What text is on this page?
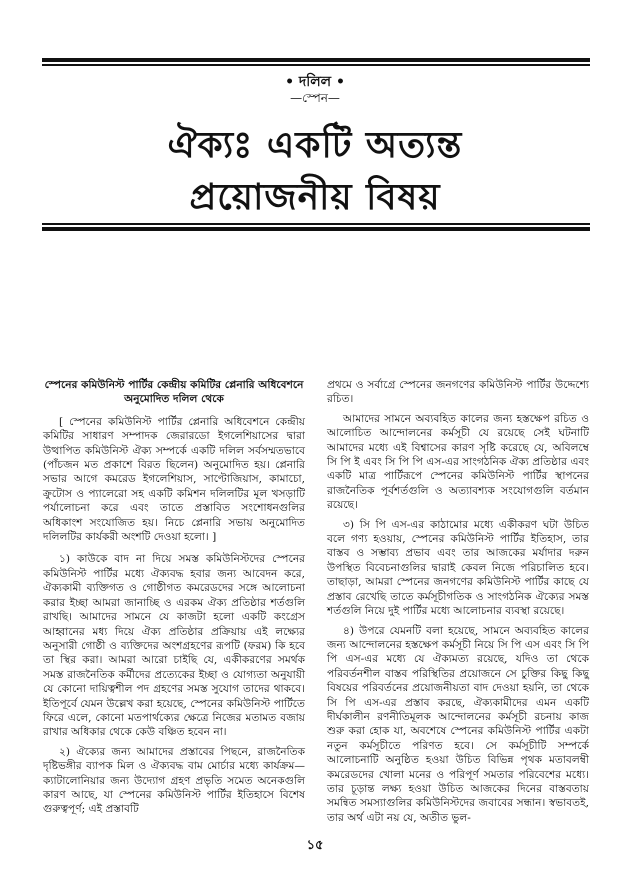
• দলিল •
—স্পেন—
ঐক্যঃ একটি অত্যন্ত
প্রয়োজনীয় বিষয়

স্পেনের কমিউনিস্ট পার্টির কেন্দ্রীয় কমিটির প্লেনারি অধিবেশনে অনুমোদিত দলিল থেকে

[ স্পেনের কমিউনিস্ট পার্টির প্লেনারি অধিবেশনে কেন্দ্রীয় কমিটির সাধারণ সম্পাদক জেরারডো ইগলেশিয়াসের দ্বারা উত্থাপিত কমিউনিস্ট ঐক্য সম্পর্কে একটি দলিল সর্বসম্মতভাবে (পাঁচজন মত প্রকাশে বিরত ছিলেন) অনুমোদিত হয়। প্লেনারি সভার আগে কমরেড ইগলেশিয়াস, সাণ্টোজিয়াস, কামাচো, ক্রুটোস ও প্যালেরো সহ একটি কমিশন দলিলটির মূল খসড়াটি পর্যালোচনা করে এবং তাতে প্রস্তাবিত সংশোধনগুলির অধিকাংশ সংযোজিত হয়। নিচে প্লেনারি সভায় অনুমোদিত দলিলটির কার্যকরী অংশটি দেওয়া হলো। ]

১) কাউকে বাদ না দিয়ে সমস্ত কমিউনিস্টদের স্পেনের কমিউনিস্ট পার্টির মধ্যে ঐক্যবদ্ধ হবার জন্য আবেদন করে, ঐক্যকামী ব্যক্তিগত ও গোষ্ঠীগত কমরেডদের সঙ্গে আলোচনা করার ইচ্ছা আমরা জানাচ্ছি ও এরকম ঐক্য প্রতিষ্ঠার শর্তগুলি রাখছি। আমাদের সামনে যে কাজটা হলো একটি কংগ্রেস আহ্বানের মধ্য দিয়ে ঐক্য প্রতিষ্ঠার প্রক্রিয়ায় এই লক্ষ্যের অনুসারী গোষ্ঠী ও ব্যক্তিদের অংশগ্রহণের রূপটি (ফরম) কি হবে তা স্থির করা। আমরা আরো চাইছি যে, একীকরণের সমর্থক সমস্ত রাজনৈতিক কর্মীদের প্রত্যেকের ইচ্ছা ও যোগ্যতা অনুযায়ী যে কোনো দায়িত্বশীল পদ গ্রহণের সমস্ত সুযোগ তাদের থাকবে। ইতিপূর্বে যেমন উল্লেখ করা হয়েছে, স্পেনের কমিউনিস্ট পার্টিতে ফিরে এলে, কোনো মতপার্থক্যের ক্ষেত্রে নিজের মতামত বজায় রাখার অধিকার থেকে কেউ বঞ্চিত হবেন না।

২) ঐক্যের জন্য আমাদের প্রস্তাবের পিছনে, রাজনৈতিক দৃষ্টিভঙ্গীর ব্যাপক মিল ও ঐক্যবদ্ধ বাম মোর্চার মধ্যে কার্যক্রম—ক্যাটালোনিয়ার জন্য উদ্যোগ গ্রহণ প্রভৃতি সমেত অনেকগুলি কারণ আছে, যা স্পেনের কমিউনিস্ট পার্টির ইতিহাসে বিশেষ গুরুত্বপূর্ণ; এই প্রস্তাবটি

প্রথমে ও সর্বাগ্রে স্পেনের জনগণের কমিউনিস্ট পার্টির উদ্দেশ্যে রচিত।

আমাদের সামনে অব্যবহিত কালের জন্য হস্তক্ষেপ রচিত ও আলোচিত আন্দোলনের কর্মসূচী যে রয়েছে সেই ঘটনাটি আমাদের মধ্যে এই বিশ্বাসের কারণ সৃষ্টি করেছে যে, অবিলম্বে সি পি ই এবং সি পি পি এস-এর সাংগঠনিক ঐক্য প্রতিষ্ঠার এবং একটি মাত্র পার্টিরূপে স্পেনের কমিউনিস্ট পার্টির স্থাপনের রাজনৈতিক পূর্বশর্তগুলি ও অত্যাবশ্যক সংযোগগুলি বর্তমান রয়েছে।

৩) সি পি এস-এর কাঠামোর মধ্যে একীকরণ ঘটা উচিত বলে গণ্য হওয়ায়, স্পেনের কমিউনিস্ট পার্টির ইতিহাস, তার বাস্তব ও সম্ভাব্য প্রভাব এবং তার আজকের মর্যাদার দরুন উপস্থিত বিবেচনাগুলির দ্বারাই কেবল নিজে পরিচালিত হবে। তাছাড়া, আমরা স্পেনের জনগণের কমিউনিস্ট পার্টির কাছে যে প্রস্তাব রেখেছি তাতে কর্মসূচীগতিক ও সাংগঠনিক ঐক্যের সমস্ত শর্তগুলি নিয়ে দুই পার্টির মধ্যে আলোচনার ব্যবস্থা রয়েছে।

৪) উপরে যেমনটি বলা হয়েছে, সামনে অব্যবহিত কালের জন্য আন্দোলনের হস্তক্ষেপ কর্মসূচী নিয়ে সি পি এস এবং সি পি পি এস-এর মধ্যে যে ঐক্যমত্য রয়েছে, যদিও তা থেকে পরিবর্তনশীল বাস্তব পরিস্থিতির প্রয়োজনে সে চুক্তির কিছু কিছু বিষয়ের পরিবর্তনের প্রয়োজনীয়তা বাদ দেওয়া হয়নি, তা থেকে সি পি এস-এর প্রস্তাব করছে, ঐক্যকামীদের এমন একটি দীর্ঘকালীন রণনীতিমূলক আন্দোলনের কর্মসূচী রচনায় কাজ শুরু করা হোক যা, অবশেষে স্পেনের কমিউনিস্ট পার্টির একটা নতুন কর্মসূচীতে পরিণত হবে। সে কর্মসূচীটি সম্পর্কে আলোচনাটি অনুষ্ঠিত হওয়া উচিত বিভিন্ন পৃথক মতাবলম্বী কমরেডদের খোলা মনের ও পরিপূর্ণ সমতার পরিবেশের মধ্যে। তার চূড়ান্ত লক্ষ্য হওয়া উচিত আজকের দিনের বাস্তবতায় সমন্বিত সমস্যাগুলির কমিউনিস্টদের জবাবের সন্ধান। স্বভাবতই, তার অর্থ এটা নয় যে, অতীত ভুল-

১৫
